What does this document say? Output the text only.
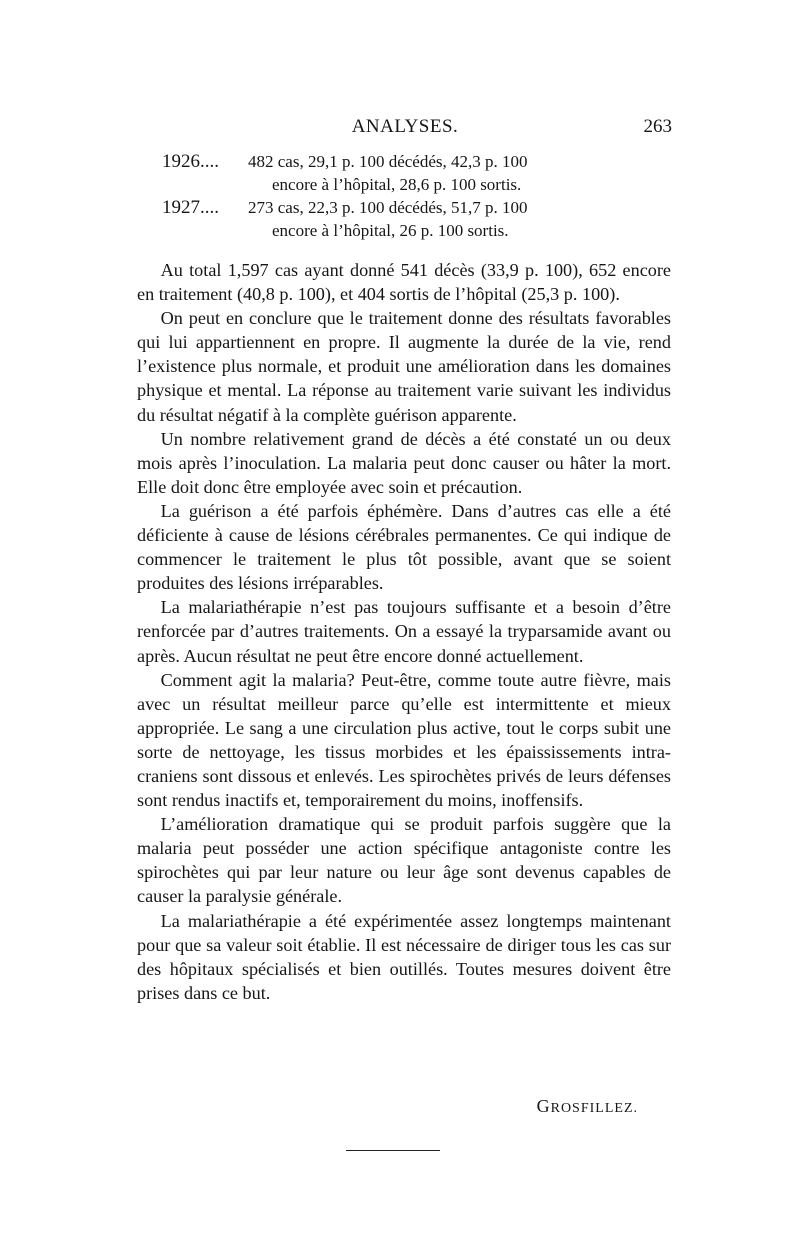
ANALYSES.	263
1926....	482 cas, 29,1 p. 100 décédés, 42,3 p. 100
encore à l’hôpital, 28,6 p. 100 sortis.
1927....	273 cas, 22,3 p. 100 décédés, 51,7 p. 100
encore à l’hôpital, 26 p. 100 sortis.

Au total 1,597 cas ayant donné 541 décès (33,9 p. 100), 652 encore en traitement (40,8 p. 100), et 404 sortis de l’hôpital (25,3 p. 100).

On peut en conclure que le traitement donne des résultats favorables qui lui appartiennent en propre. Il augmente la durée de la vie, rend l’existence plus normale, et produit une amélioration dans les domaines physique et mental. La réponse au traitement varie suivant les individus du résultat négatif à la complète guérison apparente.

Un nombre relativement grand de décès a été constaté un ou deux mois après l’inoculation. La malaria peut donc causer ou hâter la mort. Elle doit donc être employée avec soin et précaution.

La guérison a été parfois éphémère. Dans d’autres cas elle a été déficiente à cause de lésions cérébrales permanentes. Ce qui indique de commencer le traitement le plus tôt possible, avant que se soient produites des lésions irréparables.

La malariathérapie n’est pas toujours suffisante et a besoin d’être renforcée par d’autres traitements. On a essayé la tryparsamide avant ou après. Aucun résultat ne peut être encore donné actuellement.

Comment agit la malaria? Peut-être, comme toute autre fièvre, mais avec un résultat meilleur parce qu’elle est intermittente et mieux appropriée. Le sang a une circulation plus active, tout le corps subit une sorte de nettoyage, les tissus morbides et les épaississements intra-craniens sont dissous et enlevés. Les spirochètes privés de leurs défenses sont rendus inactifs et, temporairement du moins, inoffensifs.

L’amélioration dramatique qui se produit parfois suggère que la malaria peut posséder une action spécifique antagoniste contre les spirochètes qui par leur nature ou leur âge sont devenus capables de causer la paralysie générale.

La malariathérapie a été expérimentée assez longtemps maintenant pour que sa valeur soit établie. Il est nécessaire de diriger tous les cas sur des hôpitaux spécialisés et bien outillés. Toutes mesures doivent être prises dans ce but.

GROSFILLEZ.
